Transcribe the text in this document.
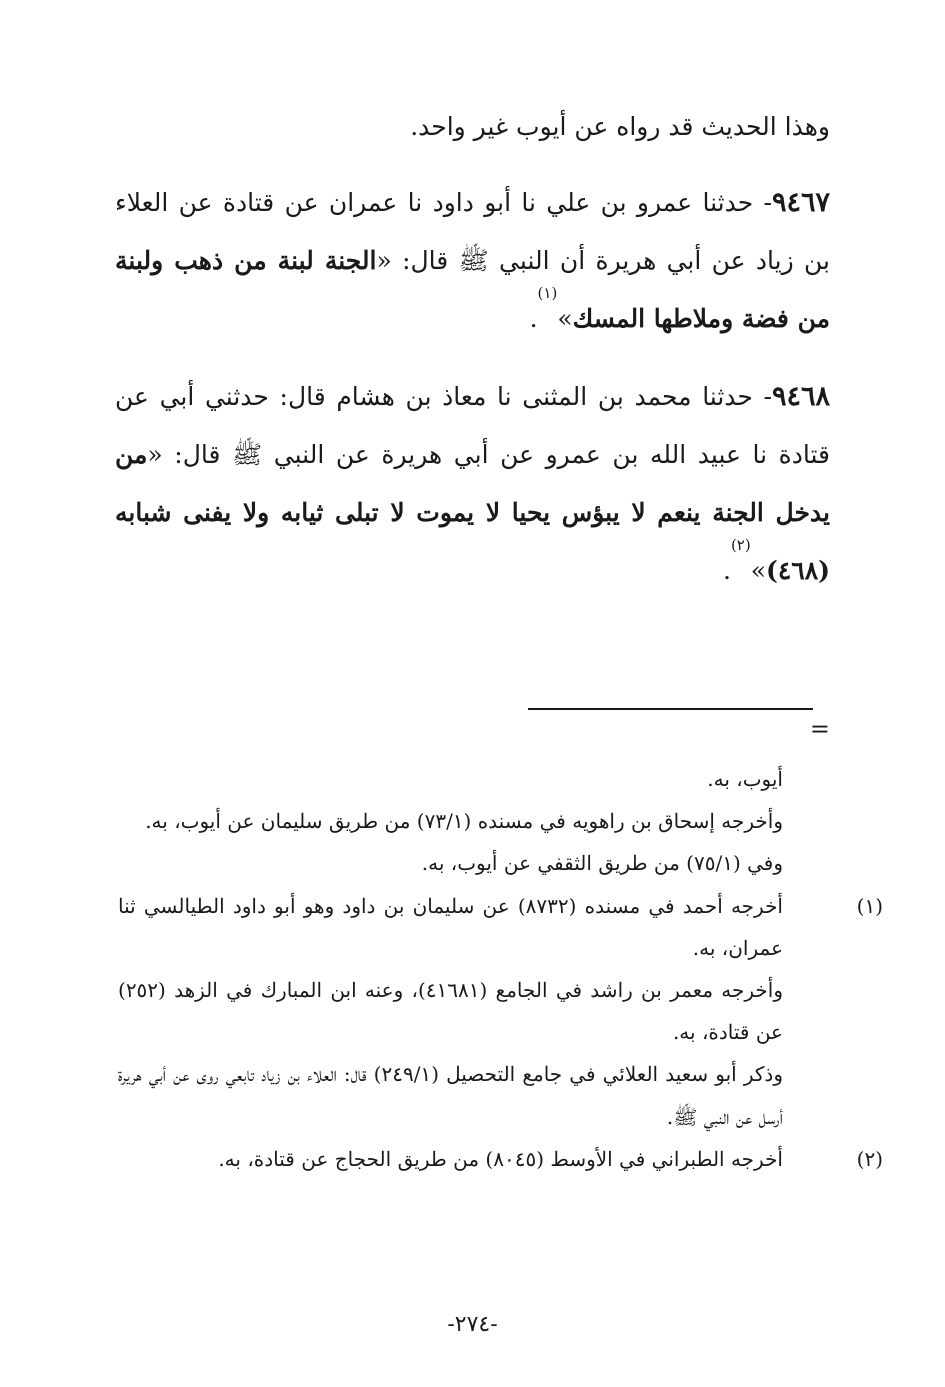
وهذا الحديث قد رواه عن أيوب غير واحد.

٩٤٦٧- حدثنا عمرو بن علي نا أبو داود نا عمران عن قتادة عن العلاء بن زياد عن أبي هريرة أن النبي ﷺ قال: «الجنة لبنة من ذهب ولبنة من فضة وملاطها المسك»$^{(١)}$.

٩٤٦٨- حدثنا محمد بن المثنى نا معاذ بن هشام قال: حدثني أبي عن قتادة نا عبيد الله بن عمرو عن أبي هريرة عن النبي ﷺ قال: «من يدخل الجنة ينعم لا يبؤس يحيا لا يموت لا تبلى ثيابه ولا يفنى شبابه (٤٦٨)»$^{(٢)}$.

=

أيوب، به.

وأخرجه إسحاق بن راهويه في مسنده (٧٣/١) من طريق سليمان عن أيوب، به.

وفي (٧٥/١) من طريق الثقفي عن أيوب، به.

(١)أخرجه أحمد في مسنده (٨٧٣٢) عن سليمان بن داود وهو أبو داود الطيالسي ثنا عمران، به.

وأخرجه معمر بن راشد في الجامع (٤١٦٨١)، وعنه ابن المبارك في الزهد (٢٥٢) عن قتادة، به.

وذكر أبو سعيد العلائي في جامع التحصيل (٢٤٩/١) قال: العلاء بن زياد تابعي روى عن أبي هريرة أرسل عن النبي ﷺ.

(٢)أخرجه الطبراني في الأوسط (٨٠٤٥) من طريق الحجاج عن قتادة، به.

-٢٧٤-
